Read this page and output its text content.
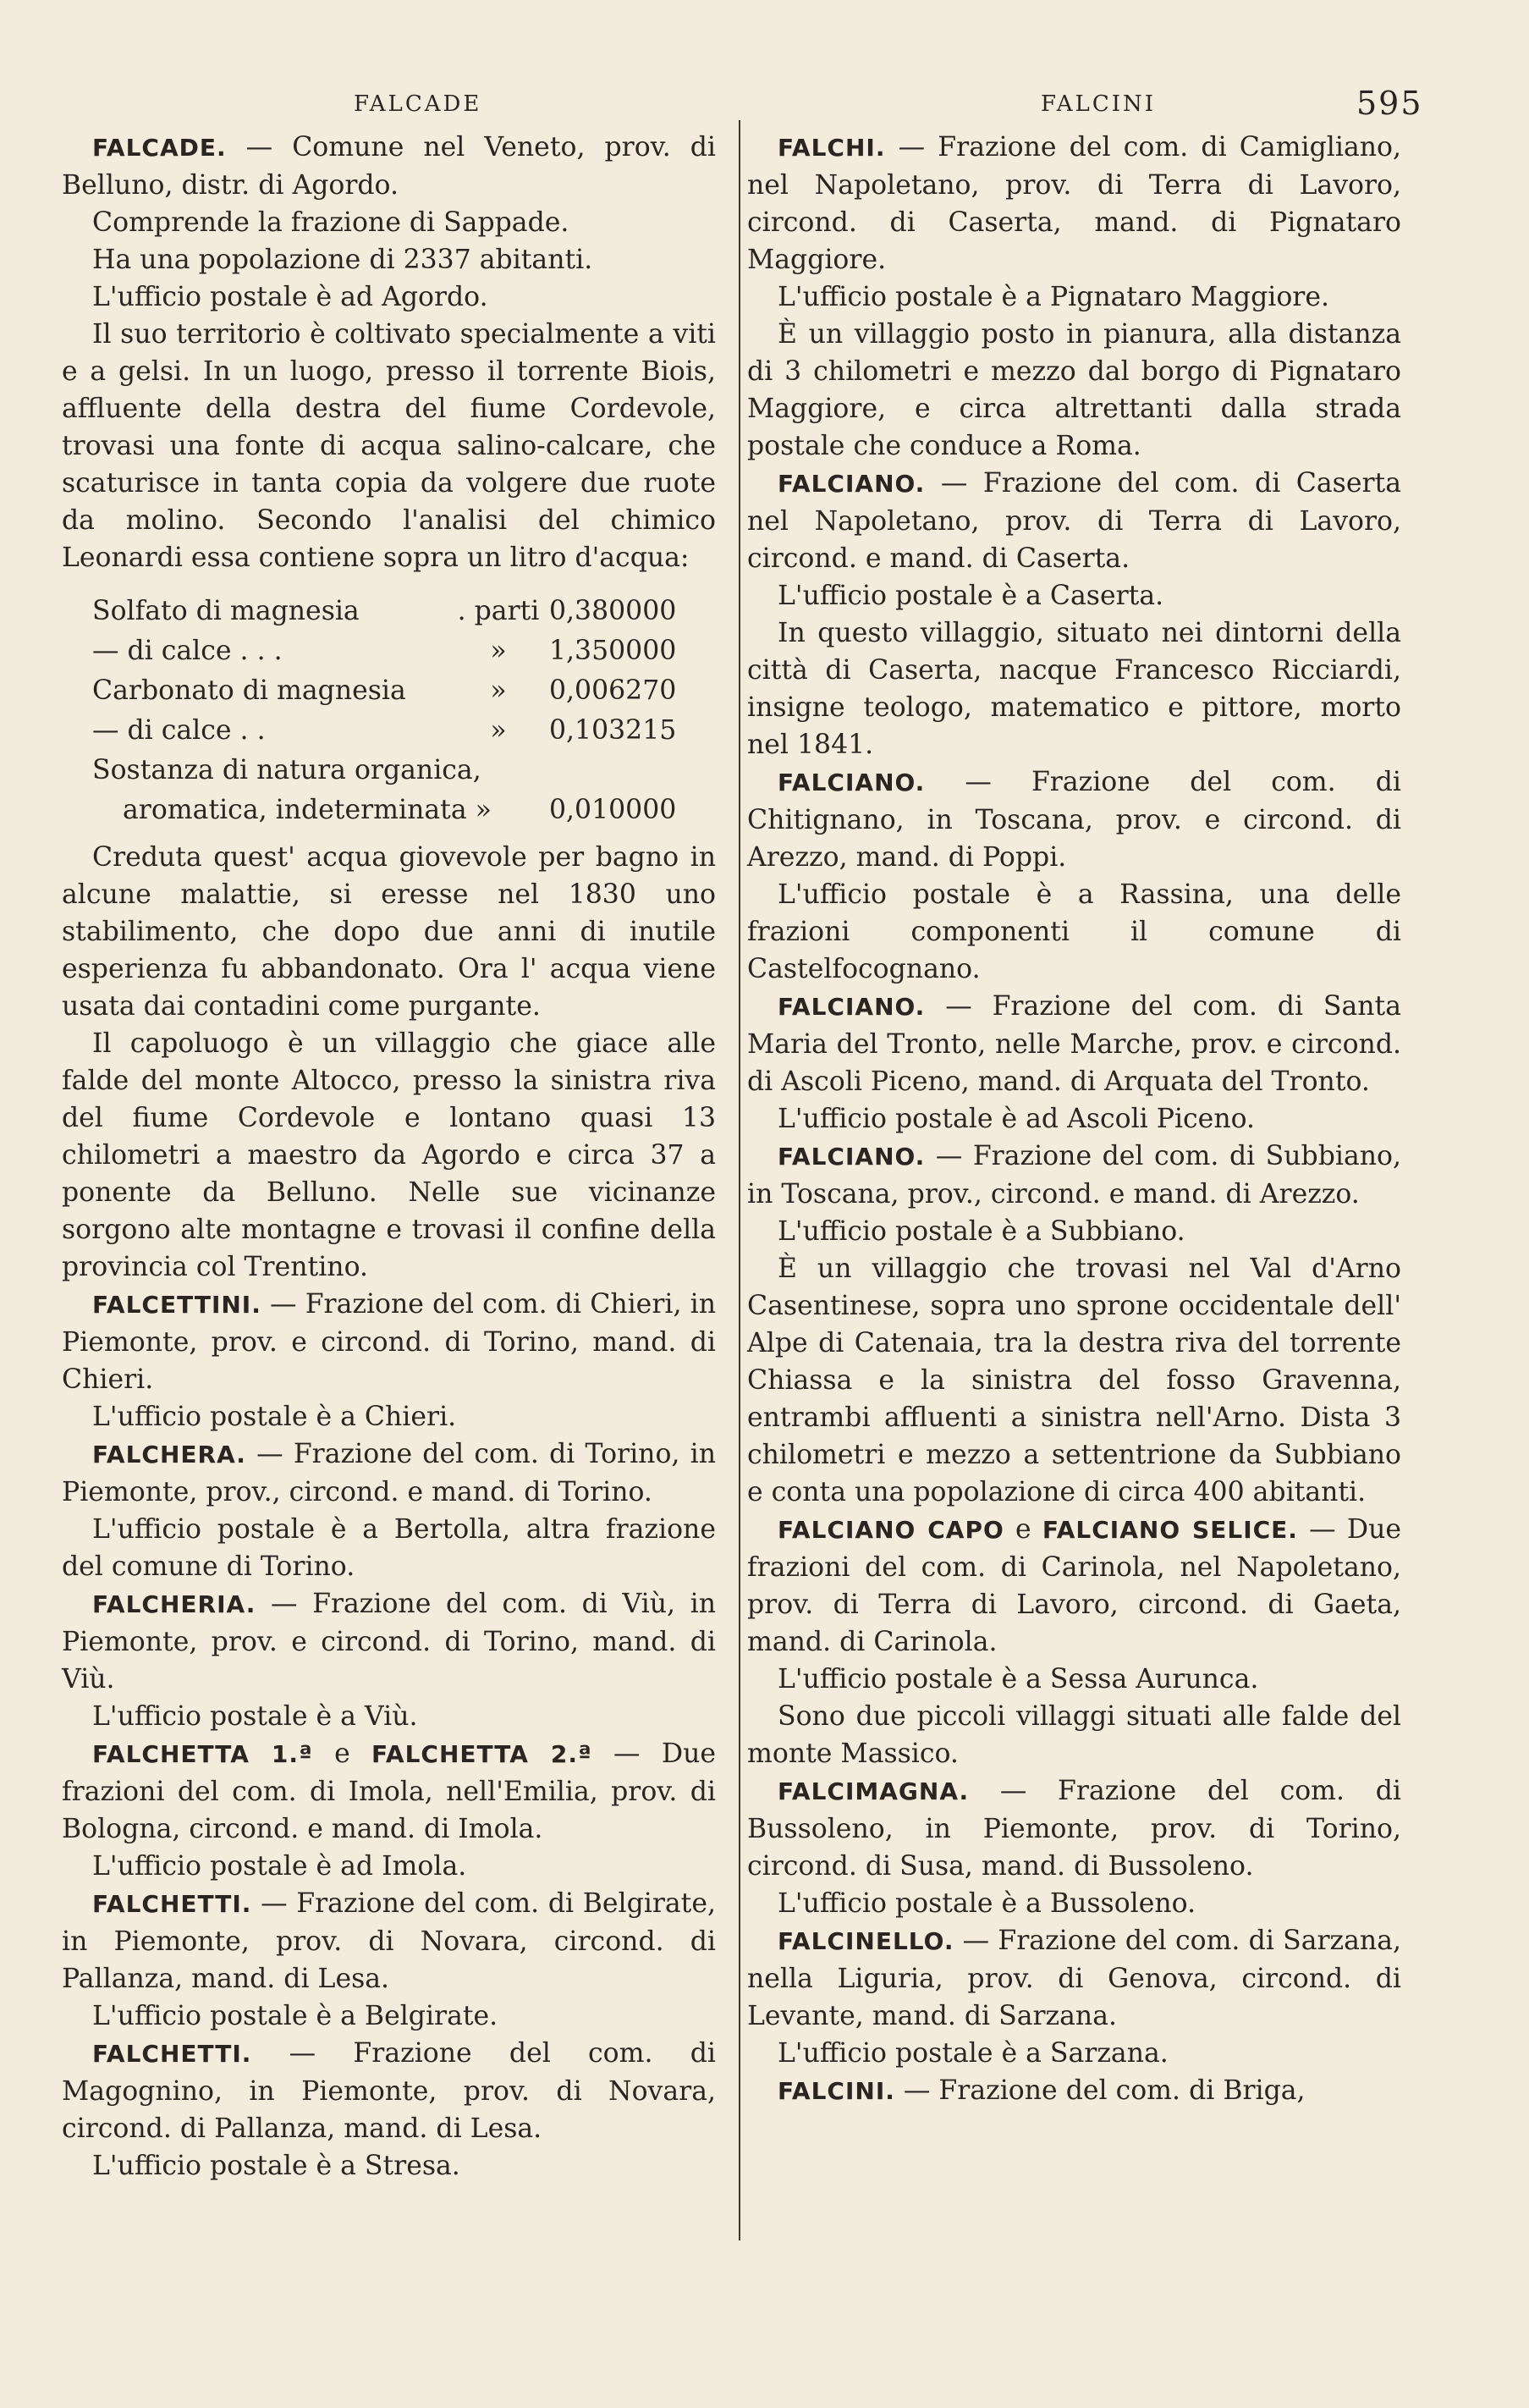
FALCADE	FALCINI	595

FALCADE. — Comune nel Veneto, prov. di Belluno, distr. di Agordo.

Comprende la frazione di Sappade.

Ha una popolazione di 2337 abitanti.

L'ufficio postale è ad Agordo.

Il suo territorio è coltivato specialmente a viti e a gelsi. In un luogo, presso il torrente Biois, affluente della destra del fiume Cordevole, trovasi una fonte di acqua salino-calcare, che scaturisce in tanta copia da volgere due ruote da molino. Secondo l'analisi del chimico Leonardi essa contiene sopra un litro d'acqua:

Solfato di magnesia	. parti	0,380000
— di calce . . .	»	1,350000
Carbonato di magnesia	»	0,006270
— di calce . .	»	0,103215
Sostanza di natura organica,		
aromatica, indeterminata »		0,010000

Creduta quest' acqua giovevole per bagno in alcune malattie, si eresse nel 1830 uno stabilimento, che dopo due anni di inutile esperienza fu abbandonato. Ora l' acqua viene usata dai contadini come purgante.

Il capoluogo è un villaggio che giace alle falde del monte Altocco, presso la sinistra riva del fiume Cordevole e lontano quasi 13 chilometri a maestro da Agordo e circa 37 a ponente da Belluno. Nelle sue vicinanze sorgono alte montagne e trovasi il confine della provincia col Trentino.

FALCETTINI. — Frazione del com. di Chieri, in Piemonte, prov. e circond. di Torino, mand. di Chieri.

L'ufficio postale è a Chieri.

FALCHERA. — Frazione del com. di Torino, in Piemonte, prov., circond. e mand. di Torino.

L'ufficio postale è a Bertolla, altra frazione del comune di Torino.

FALCHERIA. — Frazione del com. di Viù, in Piemonte, prov. e circond. di Torino, mand. di Viù.

L'ufficio postale è a Viù.

FALCHETTA 1.ª e FALCHETTA 2.ª — Due frazioni del com. di Imola, nell'Emilia, prov. di Bologna, circond. e mand. di Imola.

L'ufficio postale è ad Imola.

FALCHETTI. — Frazione del com. di Belgirate, in Piemonte, prov. di Novara, circond. di Pallanza, mand. di Lesa.

L'ufficio postale è a Belgirate.

FALCHETTI. — Frazione del com. di Magognino, in Piemonte, prov. di Novara, circond. di Pallanza, mand. di Lesa.

L'ufficio postale è a Stresa.

FALCHI. — Frazione del com. di Camigliano, nel Napoletano, prov. di Terra di Lavoro, circond. di Caserta, mand. di Pignataro Maggiore.

L'ufficio postale è a Pignataro Maggiore.

È un villaggio posto in pianura, alla distanza di 3 chilometri e mezzo dal borgo di Pignataro Maggiore, e circa altrettanti dalla strada postale che conduce a Roma.

FALCIANO. — Frazione del com. di Caserta nel Napoletano, prov. di Terra di Lavoro, circond. e mand. di Caserta.

L'ufficio postale è a Caserta.

In questo villaggio, situato nei dintorni della città di Caserta, nacque Francesco Ricciardi, insigne teologo, matematico e pittore, morto nel 1841.

FALCIANO. — Frazione del com. di Chitignano, in Toscana, prov. e circond. di Arezzo, mand. di Poppi.

L'ufficio postale è a Rassina, una delle frazioni componenti il comune di Castelfocognano.

FALCIANO. — Frazione del com. di Santa Maria del Tronto, nelle Marche, prov. e circond. di Ascoli Piceno, mand. di Arquata del Tronto.

L'ufficio postale è ad Ascoli Piceno.

FALCIANO. — Frazione del com. di Subbiano, in Toscana, prov., circond. e mand. di Arezzo.

L'ufficio postale è a Subbiano.

È un villaggio che trovasi nel Val d'Arno Casentinese, sopra uno sprone occidentale dell' Alpe di Catenaia, tra la destra riva del torrente Chiassa e la sinistra del fosso Gravenna, entrambi affluenti a sinistra nell'Arno. Dista 3 chilometri e mezzo a settentrione da Subbiano e conta una popolazione di circa 400 abitanti.

FALCIANO CAPO e FALCIANO SELICE. — Due frazioni del com. di Carinola, nel Napoletano, prov. di Terra di Lavoro, circond. di Gaeta, mand. di Carinola.

L'ufficio postale è a Sessa Aurunca.

Sono due piccoli villaggi situati alle falde del monte Massico.

FALCIMAGNA. — Frazione del com. di Bussoleno, in Piemonte, prov. di Torino, circond. di Susa, mand. di Bussoleno.

L'ufficio postale è a Bussoleno.

FALCINELLO. — Frazione del com. di Sarzana, nella Liguria, prov. di Genova, circond. di Levante, mand. di Sarzana.

L'ufficio postale è a Sarzana.

FALCINI. — Frazione del com. di Briga,
